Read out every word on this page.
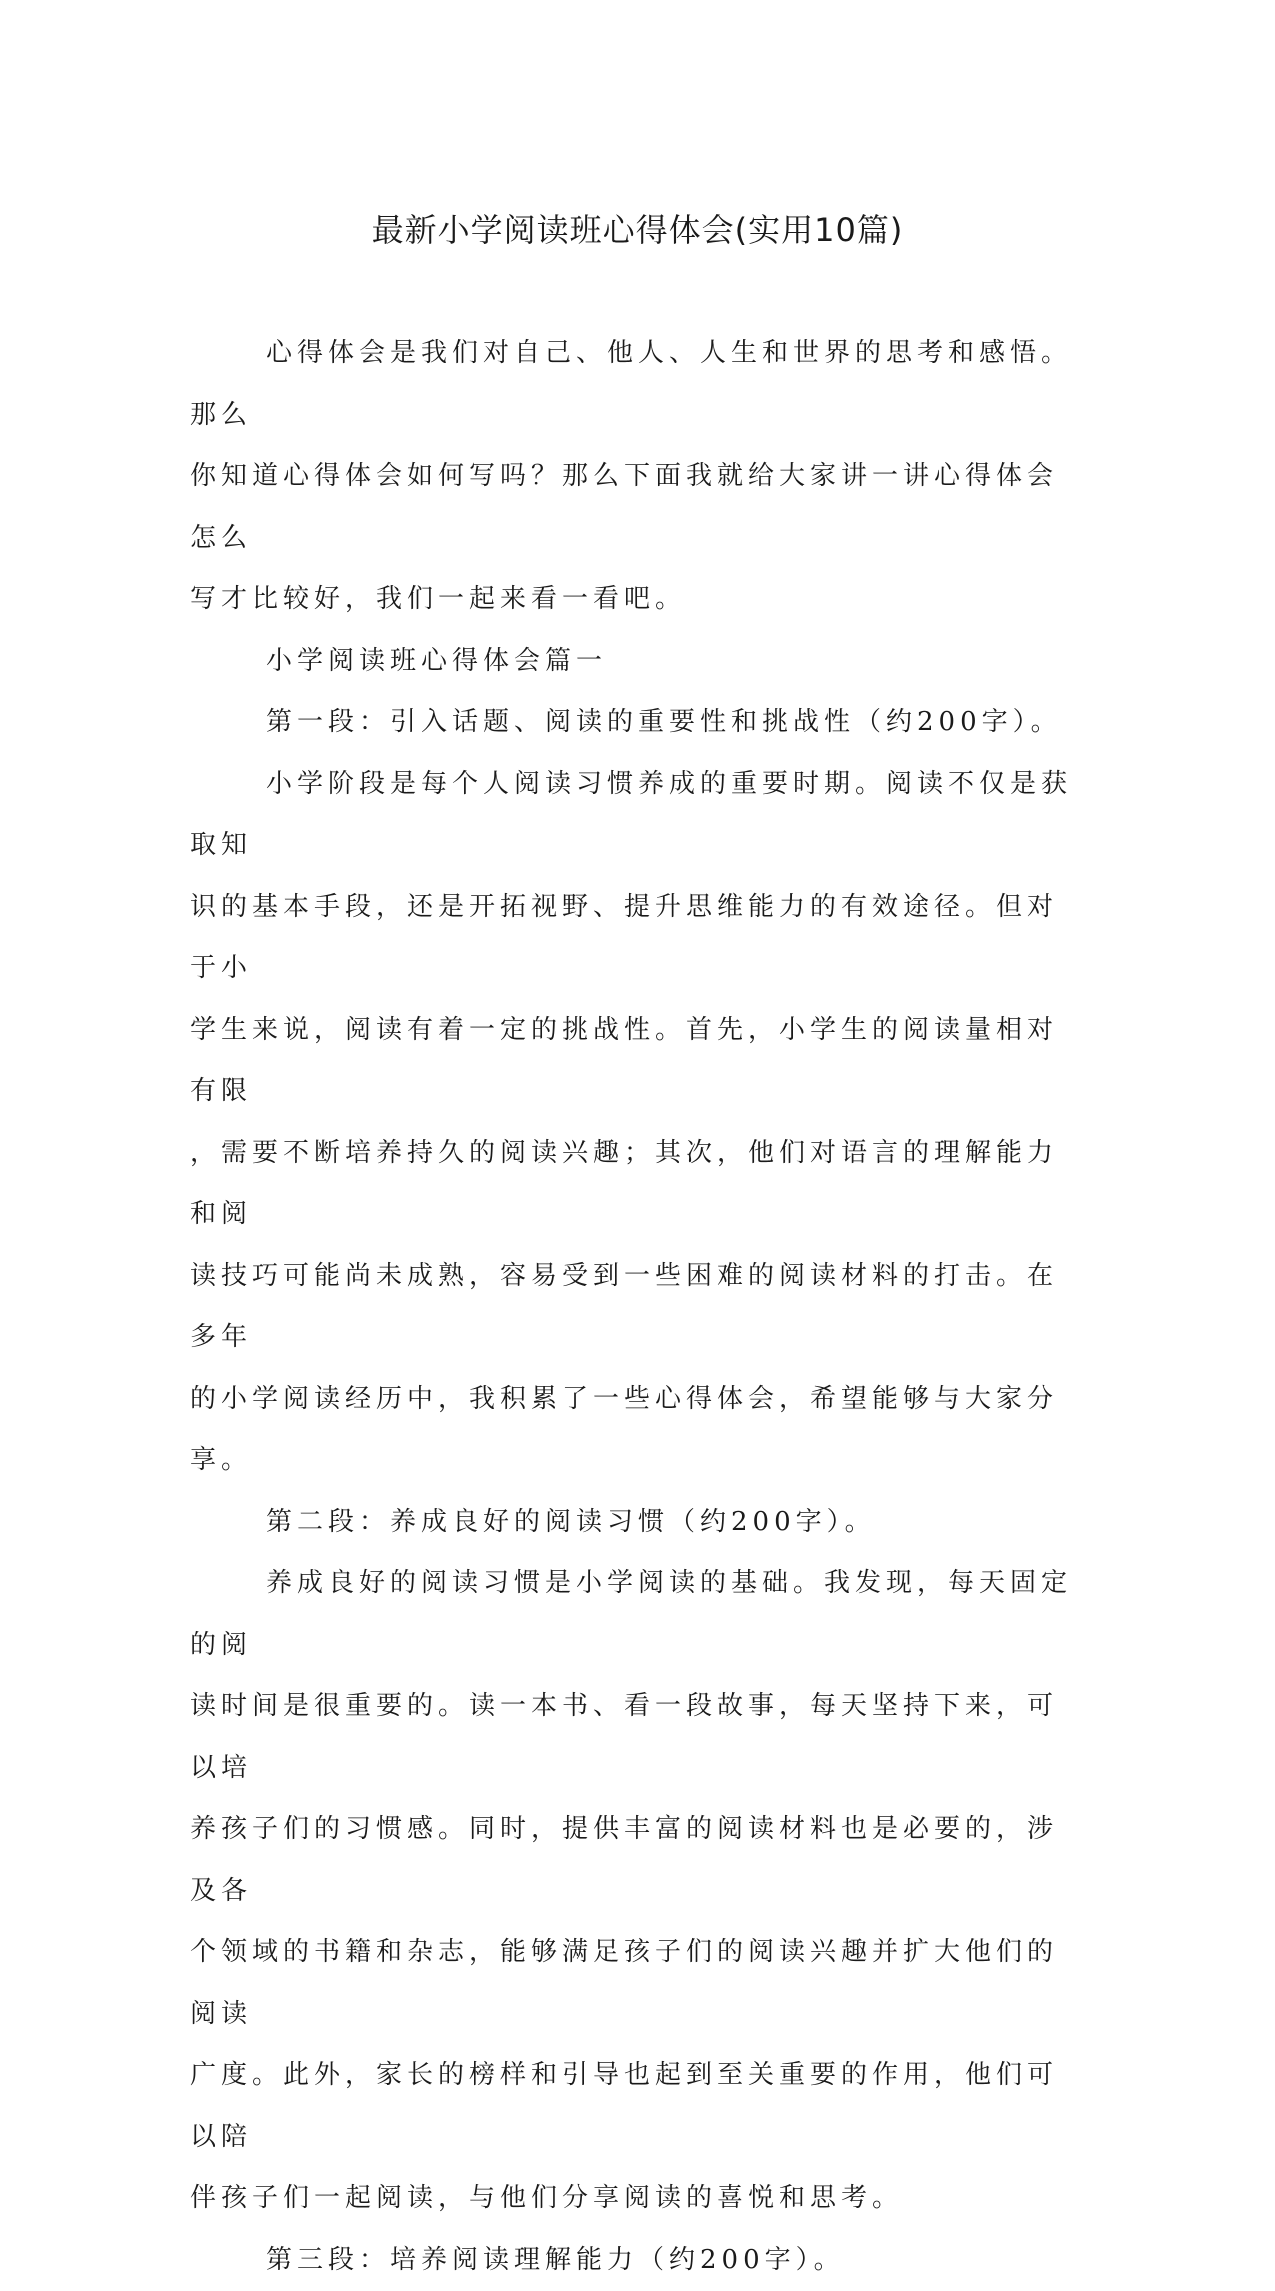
最新小学阅读班心得体会(实用10篇)

心得体会是我们对自己、他人、人生和世界的思考和感悟。那么
你知道心得体会如何写吗？那么下面我就给大家讲一讲心得体会怎么
写才比较好，我们一起来看一看吧。

小学阅读班心得体会篇一

第一段：引入话题、阅读的重要性和挑战性（约200字）。

小学阶段是每个人阅读习惯养成的重要时期。阅读不仅是获取知
识的基本手段，还是开拓视野、提升思维能力的有效途径。但对于小
学生来说，阅读有着一定的挑战性。首先，小学生的阅读量相对有限
，需要不断培养持久的阅读兴趣；其次，他们对语言的理解能力和阅
读技巧可能尚未成熟，容易受到一些困难的阅读材料的打击。在多年
的小学阅读经历中，我积累了一些心得体会，希望能够与大家分享。

第二段：养成良好的阅读习惯（约200字）。

养成良好的阅读习惯是小学阅读的基础。我发现，每天固定的阅
读时间是很重要的。读一本书、看一段故事，每天坚持下来，可以培
养孩子们的习惯感。同时，提供丰富的阅读材料也是必要的，涉及各
个领域的书籍和杂志，能够满足孩子们的阅读兴趣并扩大他们的阅读
广度。此外，家长的榜样和引导也起到至关重要的作用，他们可以陪
伴孩子们一起阅读，与他们分享阅读的喜悦和思考。

第三段：培养阅读理解能力（约200字）。
